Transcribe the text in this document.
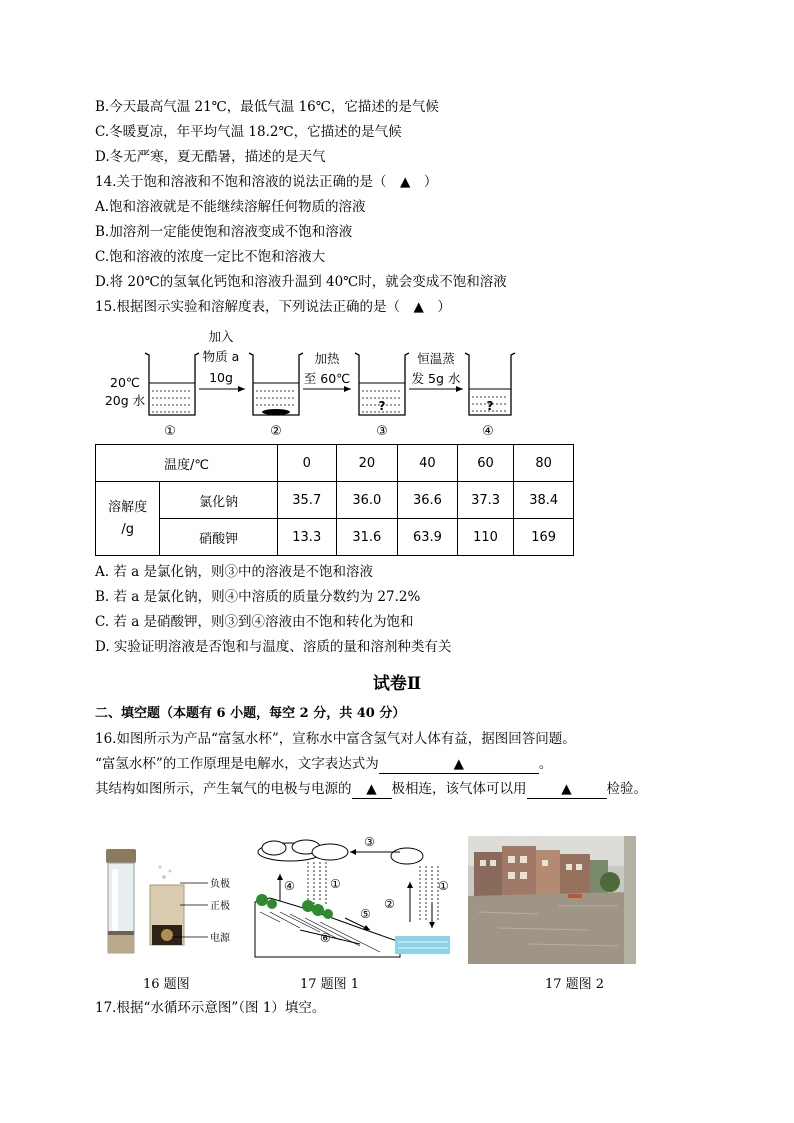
B.今天最高气温 21℃，最低气温 16℃，它描述的是气候
C.冬暖夏凉，年平均气温 18.2℃，它描述的是气候
D.冬无严寒，夏无酷暑，描述的是天气
14.关于饱和溶液和不饱和溶液的说法正确的是（　▲　）
A.饱和溶液就是不能继续溶解任何物质的溶液
B.加溶剂一定能使饱和溶液变成不饱和溶液
C.饱和溶液的浓度一定比不饱和溶液大
D.将 20℃的氢氧化钙饱和溶液升温到 40℃时，就会变成不饱和溶液
15.根据图示实验和溶解度表，下列说法正确的是（　▲　）
20℃
20g 水
①
加入
物质 a
10g
②
加热
至 60℃
?
③
恒温蒸
发 5g 水
?
④
温度/℃		0	20	40	60	80
溶解度
/g	氯化钠	35.7	36.0	36.6	37.3	38.4
	硝酸钾	13.3	31.6	63.9	110	169
A. 若 a 是氯化钠，则③中的溶液是不饱和溶液
B. 若 a 是氯化钠，则④中溶质的质量分数约为 27.2%
C. 若 a 是硝酸钾，则③到④溶液由不饱和转化为饱和
D. 实验证明溶液是否饱和与温度、溶质的量和溶剂种类有关
试卷Ⅱ
二、填空题（本题有 6 小题，每空 2 分，共 40 分）
16.如图所示为产品“富氢水杯”，宣称水中富含氢气对人体有益，据图回答问题。
“富氢水杯”的工作原理是电解水，文字表达式为	▲	。
其结构如图所示，产生氧气的电极与电源的 ▲ 极相连，该气体可以用	▲	检验。
负极
正极
电源
16 题图
③
①	①
④
②
⑤
⑥
17 题图 1	17 题图 2
17.根据“水循环示意图”（图 1）填空。
